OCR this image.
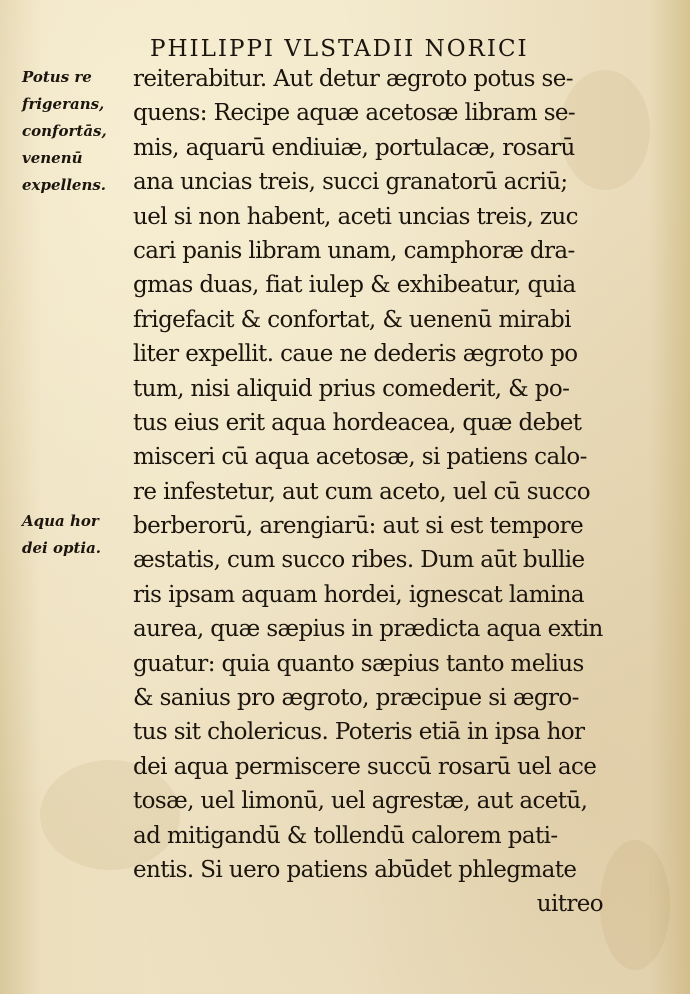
PHILIPPI VLSTADII NORICI
Potus re
frigerans,
confortās,
venenū
expellens.
Aqua hor
dei optia.
reiterabitur. Aut detur ægroto potus se-
quens: Recipe aquæ acetosæ libram se-
mis, aquarū endiuiæ, portulacæ, rosarū
ana uncias treis, succi granatorū acriū;
uel si non habent, aceti uncias treis, zuc
cari panis libram unam, camphoræ dra-
gmas duas, fiat iulep & exhibeatur, quia
frigefacit & confortat, & uenenū mirabi
liter expellit. caue ne dederis ægroto po
tum, nisi aliquid prius comederit, & po-
tus eius erit aqua hordeacea, quæ debet
misceri cū aqua acetosæ, si patiens calo-
re infestetur, aut cum aceto, uel cū succo
berberorū, arengiarū: aut si est tempore
æstatis, cum succo ribes. Dum aūt bullie
ris ipsam aquam hordei, ignescat lamina
aurea, quæ sæpius in prædicta aqua extin
guatur: quia quanto sæpius tanto melius
& sanius pro ægroto, præcipue si ægro-
tus sit cholericus. Poteris etiā in ipsa hor
dei aqua permiscere succū rosarū uel ace
tosæ, uel limonū, uel agrestæ, aut acetū,
ad mitigandū & tollendū calorem pati-
entis. Si uero patiens abūdet phlegmate
uitreo
